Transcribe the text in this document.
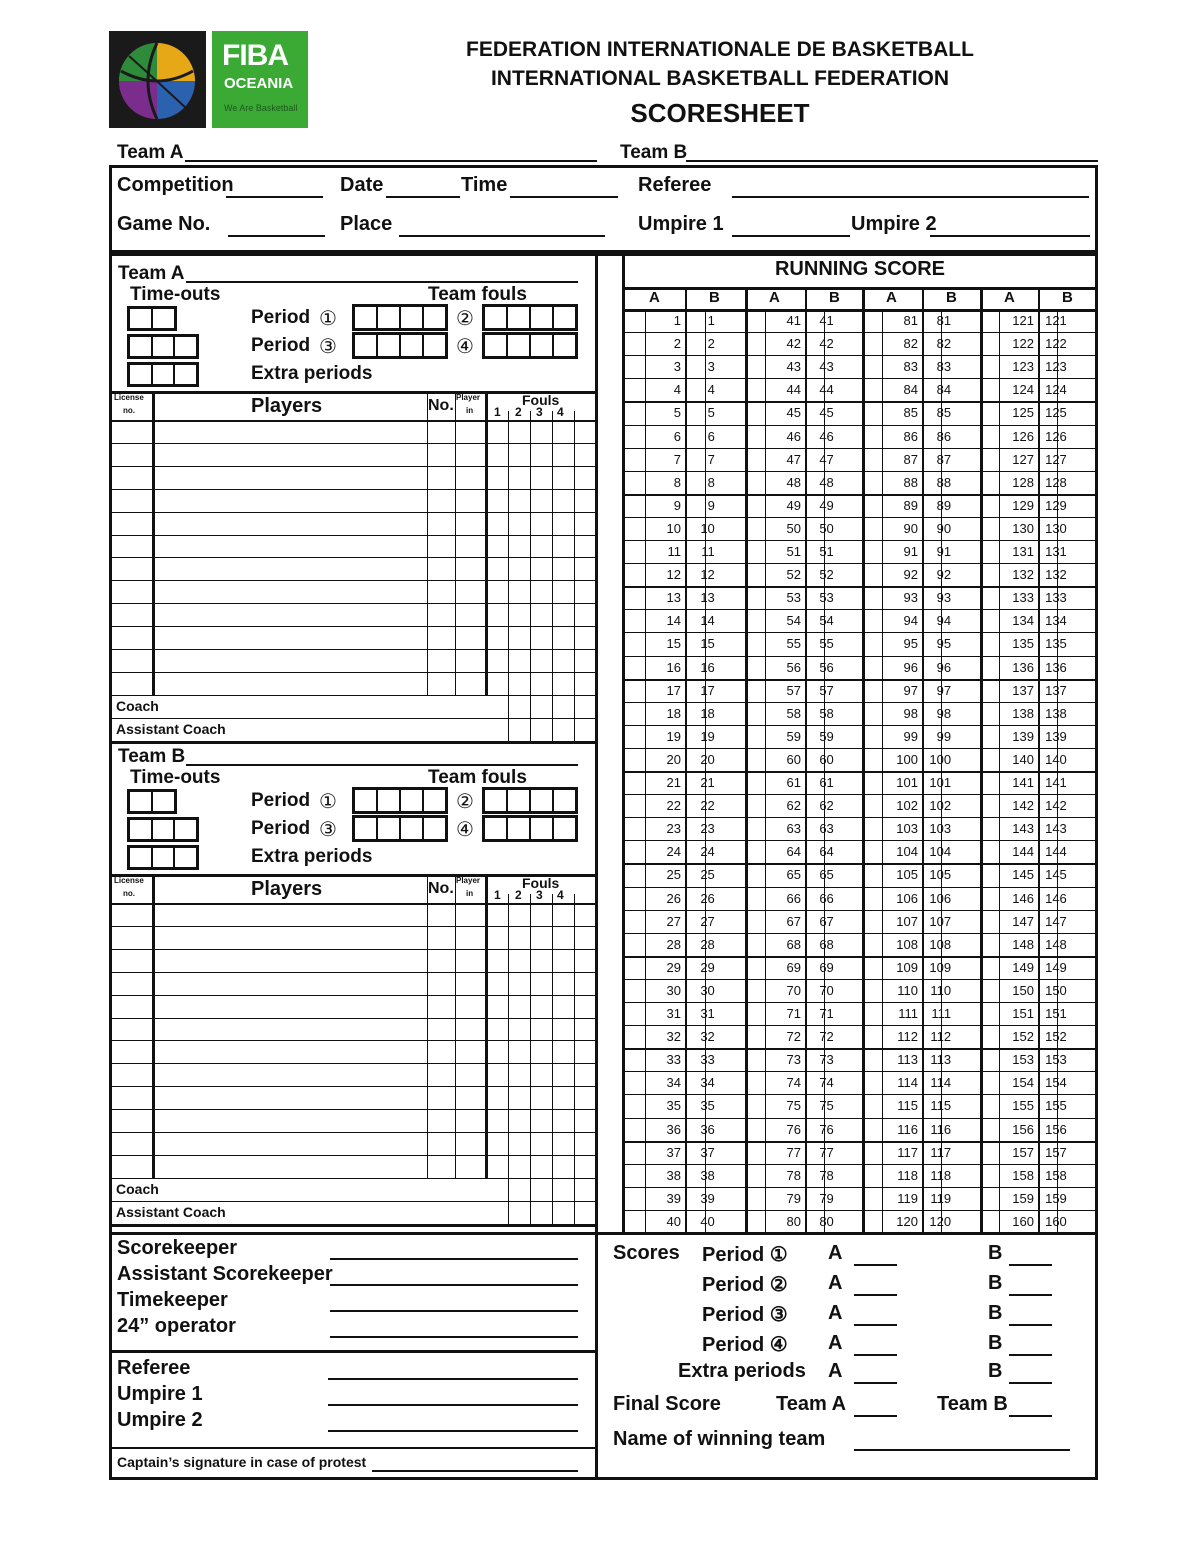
FIBA
OCEANIA
We Are Basketball
FEDERATION INTERNATIONALE DE BASKETBALL
INTERNATIONAL BASKETBALL FEDERATION
SCORESHEET
Team A	Team B
Competition	Date	Time	Referee
Game No.	Place	Umpire 1	Umpire 2
Team A
Time-outs	Team fouls
Period ①	②
Period ③	④
Extra periods
License
no.	Players	No. Player
in
Fouls
1 2 3 4
Coach
Assistant Coach
Team B
Time-outs	Team fouls
Period ①	②
Period ③	④
Extra periods
License
no.	Players	No. Player
in
Fouls
1 2 3 4
Coach
Assistant Coach
RUNNING SCORE
A	B	A	B	A	B	A	B
1	1	41	41	81	81	121 121
2	2	42	42	82	82	122 122
3	3	43	43	83	83	123 123
4	4	44	44	84	84	124 124
5	5	45	45	85	85	125 125
6	6	46	46	86	86	126 126
7	7	47	47	87	87	127 127
8	8	48	48	88	88	128 128
9	9	49	49	89	89	129 129
10	10	50	50	90	90	130 130
11	11	51	51	91	91	131 131
12	12	52	52	92	92	132 132
13	13	53	53	93	93	133 133
14	14	54	54	94	94	134 134
15	15	55	55	95	95	135 135
16	16	56	56	96	96	136 136
17	17	57	57	97	97	137 137
18	18	58	58	98	98	138 138
19	19	59	59	99	99	139 139
20	20	60	60	100 100	140 140
21	21	61	61	101 101	141 141
22	22	62	62	102 102	142 142
23	23	63	63	103 103	143 143
24	24	64	64	104 104	144 144
25	25	65	65	105 105	145 145
26	26	66	66	106 106	146 146
27	27	67	67	107 107	147 147
28	28	68	68	108 108	148 148
29	29	69	69	109 109	149 149
30	30	70	70	110 110	150 150
31	31	71	71	111	111	151 151
32	32	72	72	112 112	152 152
33	33	73	73	113 113	153 153
34	34	74	74	114 114	154 154
35	35	75	75	115 115	155 155
36	36	76	76	116 116	156 156
37	37	77	77	117 117	157 157
38	38	78	78	118 118	158 158
39	39	79	79	119 119	159 159
40	40	80	80	120 120	160 160
Scorekeeper
Assistant Scorekeeper
Timekeeper
24” operator
Referee
Umpire 1
Umpire 2
Captain’s signature in case of protest
Scores Period ① A	B
Period ② A	B
Period ③ A	B
Period ④ A	B
Extra periods A	B
Final Score	Team A	Team B
Name of winning team
